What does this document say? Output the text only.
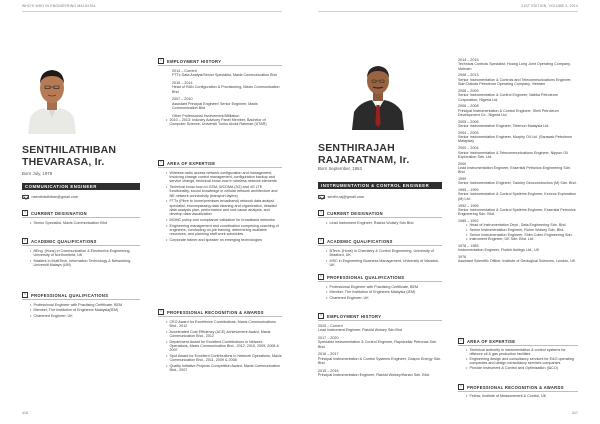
WHO'S WHO IN ENGINEERING MALAYSIA	21ST EDITION, VOLUME 2, 2014
SENTHILATHIBAN
THEVARASA, Ir.
Born July, 1978
COMMUNICATION ENGINEER
nsenthilathiban@gmail.com
▪	CURRENT DESIGNATION
• Senior Specialist, Maxis Communication Bhd
▪	ACADEMIC QUALIFICATIONS
• BEng. (Hons) in Communication & Electronics Engineering, University of Northumbria, UK
• Masters in MultiTech, Information Technology & Networking, Universiti Malaya (UM)
▪	PROFESSIONAL QUALIFICATIONS
• Professional Engineer with Practising Certificate, BEM
• Member, The Institution of Engineers Malaysia(IEM)
• Chartered Engineer, UK
▪	EMPLOYMENT HISTORY
2014 – Current
FTTx Data Analyst/Senior Specialist, Maxis Communication Bhd
2010 – 2014
Head of RAN Configuration & Provisioning, Maxis Communication Bhd
2007 – 2010
Assistant Principal Engineer/ Senior Engineer, Maxis Communication Bhd
Other Professional Involvement/Affiliation
• 2010 – 2013: Industry Advisory Panel Member, Bachelor of Computer Science, Universiti Tunku Abdul Rahman (UTAR)
▪	AREA OF EXPERTISE
• Wireless radio access network configuration and management, involving change control management, configuration backup and service change, technical know-how in wireless network elements
• Technical know-how on GSM, WCDMA (3G) and 4G LTE functionality, sound knowledge in cellular network architecture and NE network connectivity (transport layers)
• FTTx (Fibre to home/premises broadband) network data analyst specialist, encompassing data cleaning and organization, detailed data analysis plan, performance and root cause analysis, and develop data visualization
• MOMC policy and compliance validation for broadband networks
• Engineering management and coordination comprising coaching of engineers, conducting on-job training, determining available resources, and planning staff work schedules
• Corporate trainer and speaker on emerging technologies
▪	PROFESSIONAL RECOGNITION & AWARDS
• CEO Award for Excellence Contributions, Maxis Communications Bhd., 2012
• Accelerated Cost Efficiency (ACE) Achievement Award, Maxis Communication Bhd., 2012
• Department Award for Excellent Contributions in Network Operations, Maxis Communication Bhd., 2012, 2010, 2009, 2008 & 2007
• Spot Award for Excellent Contributions in Network Operations, Maxis Communication Bhd., 2011, 2009 & 2008
• Quality Initiative Projects Competition Award, Maxis Communication Bhd., 2007
SENTHIRAJAH
RAJARATNAM, Ir.
Born September, 1953
INSTRUMENTATION & CONTROL ENGINEER
senthi.raj@gmail.com
▪	CURRENT DESIGNATION
• Lead Instrument Engineer, Rashid Wolsey Sdn Bhd
▪	ACADEMIC QUALIFICATIONS
• BTech. (Hons) in Chemistry & Control Engineering, University of Bradford, UK
• MSC in Engineering Business Management, University of Warwick, UK
▪	PROFESSIONAL QUALIFICATIONS
• Professional Engineer with Practising Certificate, BEM
• Member, The Institution of Engineers Malaysia (IEM)
• Chartered Engineer, UK
▪	EMPLOYMENT HISTORY
2020 – Current
Lead Instrument Engineer, Rashid Wolsey Sdn Bhd
2017 – 2020
Specialist Instrumentation & Control Engineer, Rapidcellar Petronas Sdn. Bhd.
2016 – 2017
Principal Instrumentation & Control Systems Engineer, Gaspro Energy Sdn. Bhd.
2015 – 2016
Principal Instrumentation Engineer, Rashid Wolsey/Hanan Sdn. Bhd.
2014 – 2015
Technical Controls Specialist, Hoang Long Joint Operating Company, Vietnam
2008 – 2013
Senior Instrumentation & Controls and Telecommunications Engineer, Sian Dakota Petroleum Operating Company, Vietnam
2008 – 2009
Senior Instrumentation & Control Engineer, Nabba Petroleum Corporation, Nigeria Ltd.
2006 – 2008
Principal Instrumentation & Control Engineer, Shell Petroleum Development Co., Nigeria Ltd.
2005 – 2006
Senior Instrumentation Engineer, Telemon Malaysia Ltd.
2004 – 2005
Senior Instrumentation Engineer, Murphy Oil Ltd. (Sarawak Petroleum Malaysia)
2000 – 2004
Senior Instrumentation & Telecommunications Engineer, Nippon Oil Exploration Sdn. Ltd.
2000
Lead Instrumentation Engineer, Essential Petronics Engineering Sdn. Bhd.
1999
Senior Instrumentation Engineer, Tackley Geoconstruction (M) Sdn. Bhd.
1995 – 1999
Senior Instrumentation & Control Systems Engineer, Kencos Exploration (M) Ltd.
1992 – 1995
Senior Instrumentation & Control Systems Engineer, Essential Petronics Engineering Sdn. Bhd.
1985 – 1992
• Head of Instrumentation Dept., Data Engineering Sdn. Bhd.
• Senior Instrumentation Engineer, Rohm Wolsey Sdn. Bhd.
• Senior Instrumentation Engineer, Shim Cotec Engineering Sdn.
• Instrument Engineer, DE Sdn. Bhd. Ltd.
1978 – 1985
Instrumentation Engineer, Fluitek Ashbgs Ltd., UK
1976
Assistant Scientific Officer, Institute of Geological Sciences, London, UK
▪	AREA OF EXPERTISE
• Technical authority in instrumentation & control systems for offshore oil & gas production facilities
• Engineering design and consultancy services for E&O operating companies and design consultancy services companies
• Provide Instrument & Control and Optimisation (I&CO)
▪	PROFESSIONAL RECOGNITION & AWARDS
• Fellow, Institute of Measurement & Control, UK
416	417
